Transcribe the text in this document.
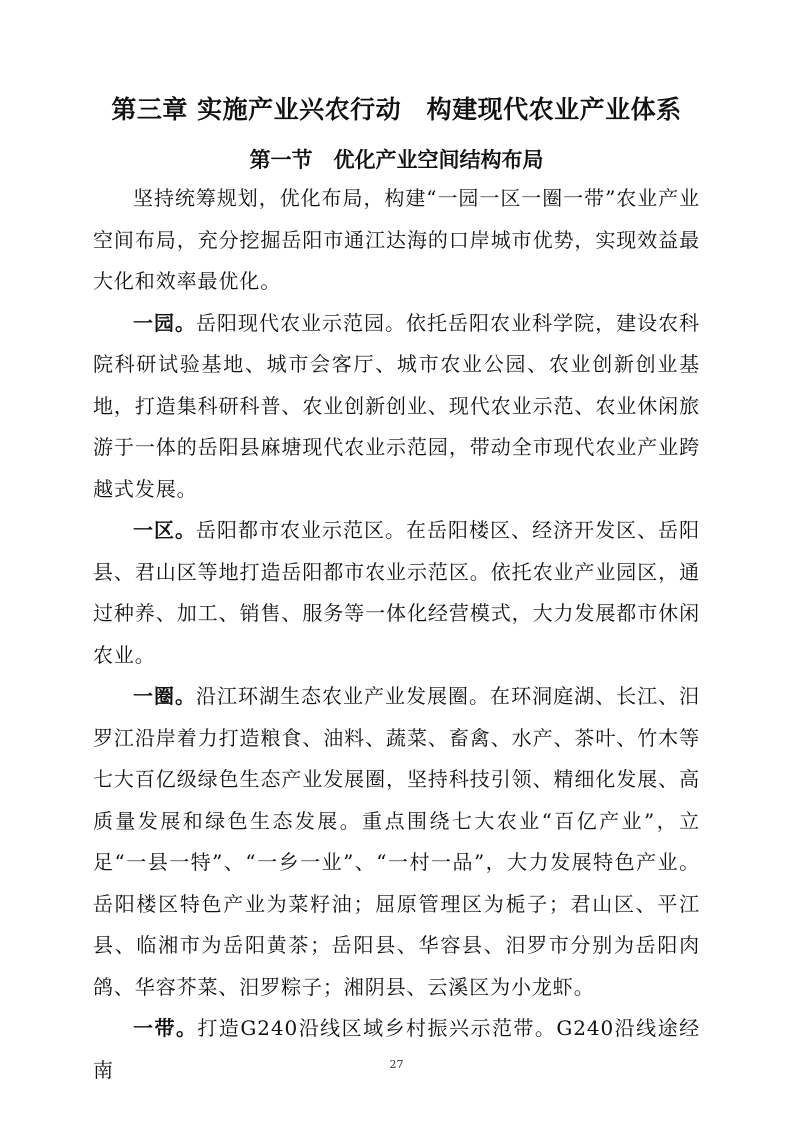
第三章 实施产业兴农行动　构建现代农业产业体系
第一节　优化产业空间结构布局

坚持统筹规划，优化布局，构建“一园一区一圈一带”农业产业空间布局，充分挖掘岳阳市通江达海的口岸城市优势，实现效益最大化和效率最优化。

一园。岳阳现代农业示范园。依托岳阳农业科学院，建设农科院科研试验基地、城市会客厅、城市农业公园、农业创新创业基地，打造集科研科普、农业创新创业、现代农业示范、农业休闲旅游于一体的岳阳县麻塘现代农业示范园，带动全市现代农业产业跨越式发展。

一区。岳阳都市农业示范区。在岳阳楼区、经济开发区、岳阳县、君山区等地打造岳阳都市农业示范区。依托农业产业园区，通过种养、加工、销售、服务等一体化经营模式，大力发展都市休闲农业。

一圈。沿江环湖生态农业产业发展圈。在环洞庭湖、长江、汨罗江沿岸着力打造粮食、油料、蔬菜、畜禽、水产、茶叶、竹木等七大百亿级绿色生态产业发展圈，坚持科技引领、精细化发展、高质量发展和绿色生态发展。重点围绕七大农业“百亿产业”，立足“一县一特”、“一乡一业”、“一村一品”，大力发展特色产业。岳阳楼区特色产业为菜籽油；屈原管理区为栀子；君山区、平江县、临湘市为岳阳黄茶；岳阳县、华容县、汨罗市分别为岳阳肉鸽、华容芥菜、汨罗粽子；湘阴县、云溪区为小龙虾。

一带。打造G240沿线区域乡村振兴示范带。G240沿线途经南	27
